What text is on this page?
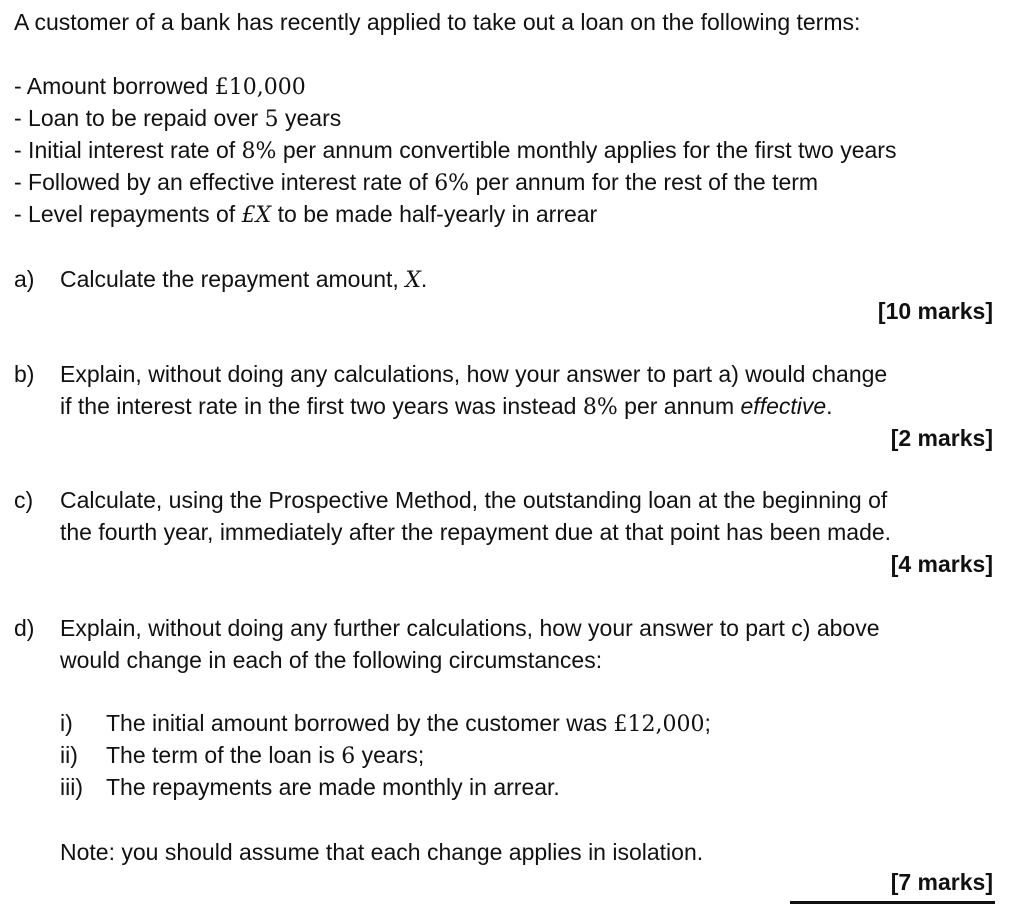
A customer of a bank has recently applied to take out a loan on the following terms:
- Amount borrowed £10,000
- Loan to be repaid over 5 years
- Initial interest rate of 8% per annum convertible monthly applies for the first two years
- Followed by an effective interest rate of 6% per annum for the rest of the term
- Level repayments of £X to be made half-yearly in arrear
a) Calculate the repayment amount, X.
[10 marks]
b) Explain, without doing any calculations, how your answer to part a) would change
if the interest rate in the first two years was instead 8% per annum effective.
[2 marks]
c) Calculate, using the Prospective Method, the outstanding loan at the beginning of
the fourth year, immediately after the repayment due at that point has been made.
[4 marks]
d) Explain, without doing any further calculations, how your answer to part c) above
would change in each of the following circumstances:
i) The initial amount borrowed by the customer was £12,000;
ii) The term of the loan is 6 years;
iii) The repayments are made monthly in arrear.
Note: you should assume that each change applies in isolation.
[7 marks]
